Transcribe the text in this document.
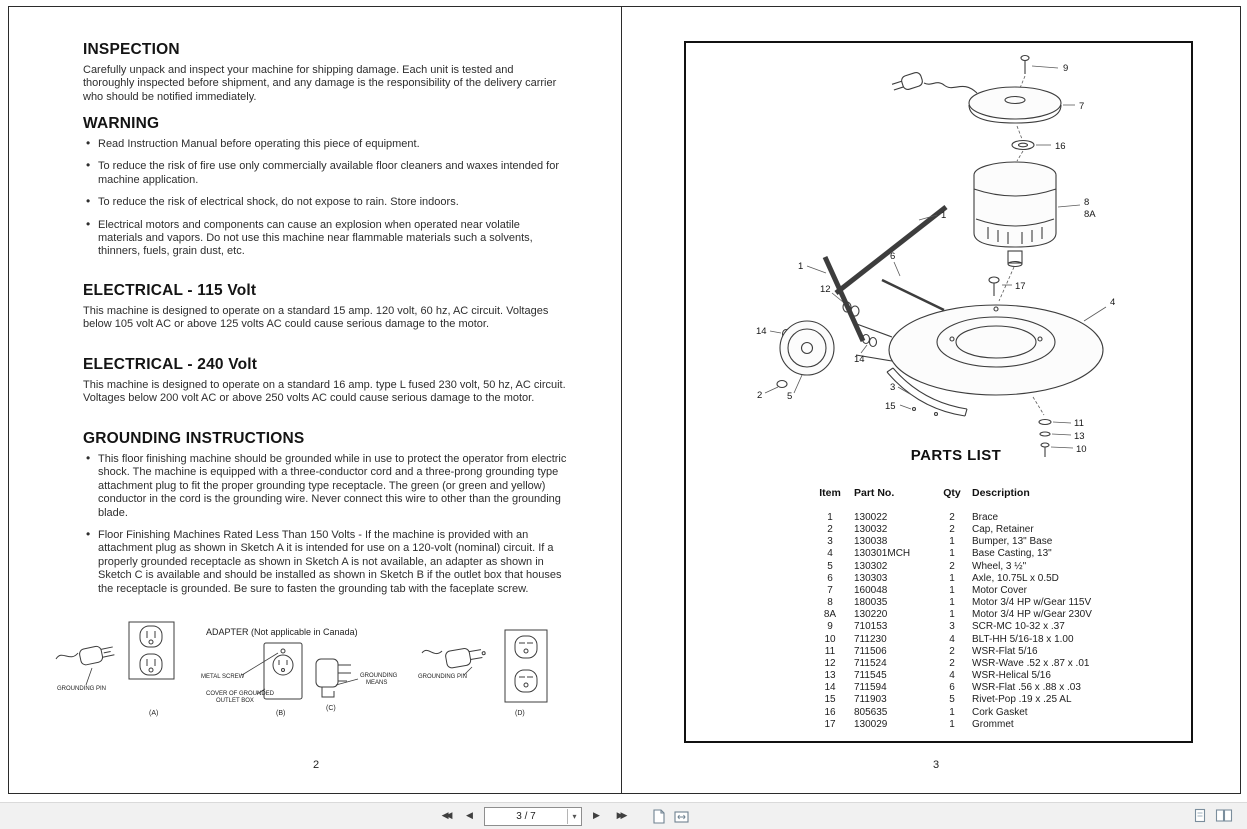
INSPECTION

Carefully unpack and inspect your machine for shipping damage. Each unit is tested and thoroughly inspected before shipment, and any damage is the responsibility of the delivery carrier who should be notified immediately.

WARNING
• Read Instruction Manual before operating this piece of equipment.
• To reduce the risk of fire use only commercially available floor cleaners and waxes intended for machine application.
• To reduce the risk of electrical shock, do not expose to rain. Store indoors.
• Electrical motors and components can cause an explosion when operated near volatile materials and vapors. Do not use this machine near flammable materials such a solvents, thinners, fuels, grain dust, etc.
ELECTRICAL - 115 Volt

This machine is designed to operate on a standard 15 amp. 120 volt, 60 hz, AC circuit. Voltages below 105 volt AC or above 125 volts AC could cause serious damage to the motor.

ELECTRICAL - 240 Volt

This machine is designed to operate on a standard 16 amp. type L fused 230 volt, 50 hz, AC circuit. Voltages below 200 volt AC or above 250 volts AC could cause serious damage to the motor.

GROUNDING INSTRUCTIONS
• This floor finishing machine should be grounded while in use to protect the operator from electric shock. The machine is equipped with a three-conductor cord and a three-prong grounding type attachment plug to fit the proper grounding type receptacle. The green (or green and yellow) conductor in the cord is the grounding wire. Never connect this wire to other than the grounding blade.
• Floor Finishing Machines Rated Less Than 150 Volts - If the machine is provided with an attachment plug as shown in Sketch A it is intended for use on a 120-volt (nominal) circuit. If a properly grounded receptacle as shown in Sketch A is not available, an adapter as shown in Sketch C is available and should be installed as shown in Sketch B if the outlet box that houses the receptacle is grounded. Be sure to fasten the grounding tab with the faceplate screw.
GROUNDING PIN
ADAPTER (Not applicable in Canada)
METAL SCREW
COVER OF GROUNDED
OUTLET BOX
GROUNDING
MEANS
GROUNDING PIN
(A)	(B)
(C)
(D)
2
9
7
16
1
8
8A
1
6
12	17
4
14
14
2	5
3
15
11
13
10
PARTS LIST
Item	Part No.	Qty	Description
1	130022	2	Brace
2	130032	2	Cap, Retainer
3	130038	1	Bumper, 13" Base
4	130301MCH	1	Base Casting, 13"
5	130302	2	Wheel, 3 ½"
6	130303	1	Axle, 10.75L x 0.5D
7	160048	1	Motor Cover
8	180035	1	Motor 3/4 HP w/Gear 115V
8A	130220	1	Motor 3/4 HP w/Gear 230V
9	710153	3	SCR-MC 10-32 x .37
10	711230	4	BLT-HH 5/16-18 x 1.00
11	711506	2	WSR-Flat 5/16
12	711524	2	WSR-Wave .52 x .87 x .01
13	711545	4	WSR-Helical 5/16
14	711594	6	WSR-Flat .56 x .88 x .03
15	711903	5	Rivet-Pop .19 x .25 AL
16	805635	1	Cork Gasket
17	130029	1	Grommet
3
◀◀	◀	3 / 7	▾	▶	▶▶
